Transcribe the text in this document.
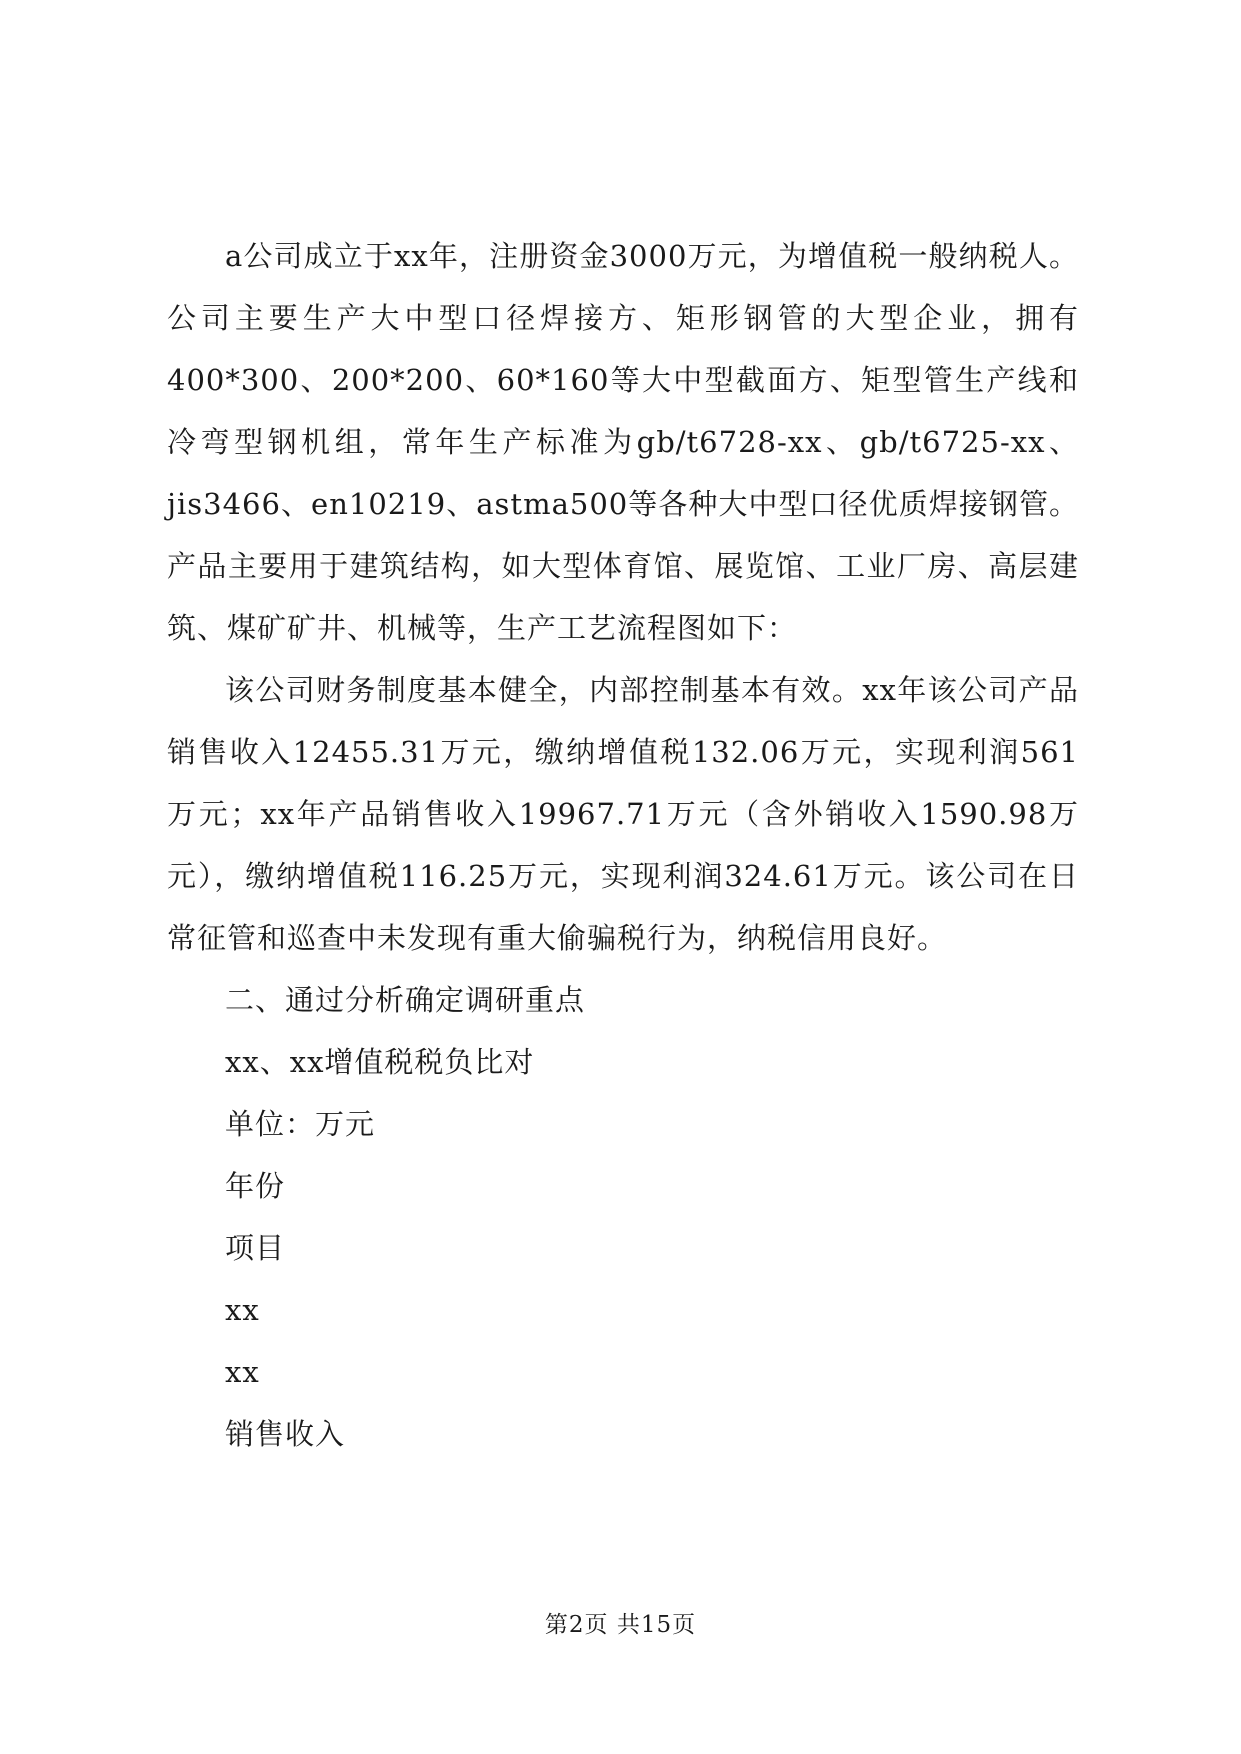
a公司成立于xx年，注册资金3000万元，为增值税一般纳税人。公司主要生产大中型口径焊接方、矩形钢管的大型企业，拥有400*300、200*200、60*160等大中型截面方、矩型管生产线和冷弯型钢机组，常年生产标准为gb/t6728-xx、gb/t6725-xx、jis3466、en10219、astma500等各种大中型口径优质焊接钢管。产品主要用于建筑结构，如大型体育馆、展览馆、工业厂房、高层建筑、煤矿矿井、机械等，生产工艺流程图如下：

该公司财务制度基本健全，内部控制基本有效。xx年该公司产品销售收入12455.31万元，缴纳增值税132.06万元，实现利润561万元；xx年产品销售收入19967.71万元（含外销收入1590.98万元），缴纳增值税116.25万元，实现利润324.61万元。该公司在日常征管和巡查中未发现有重大偷骗税行为，纳税信用良好。

二、通过分析确定调研重点

xx、xx增值税税负比对

单位：万元

年份

项目

xx

xx

销售收入

第2页 共15页
